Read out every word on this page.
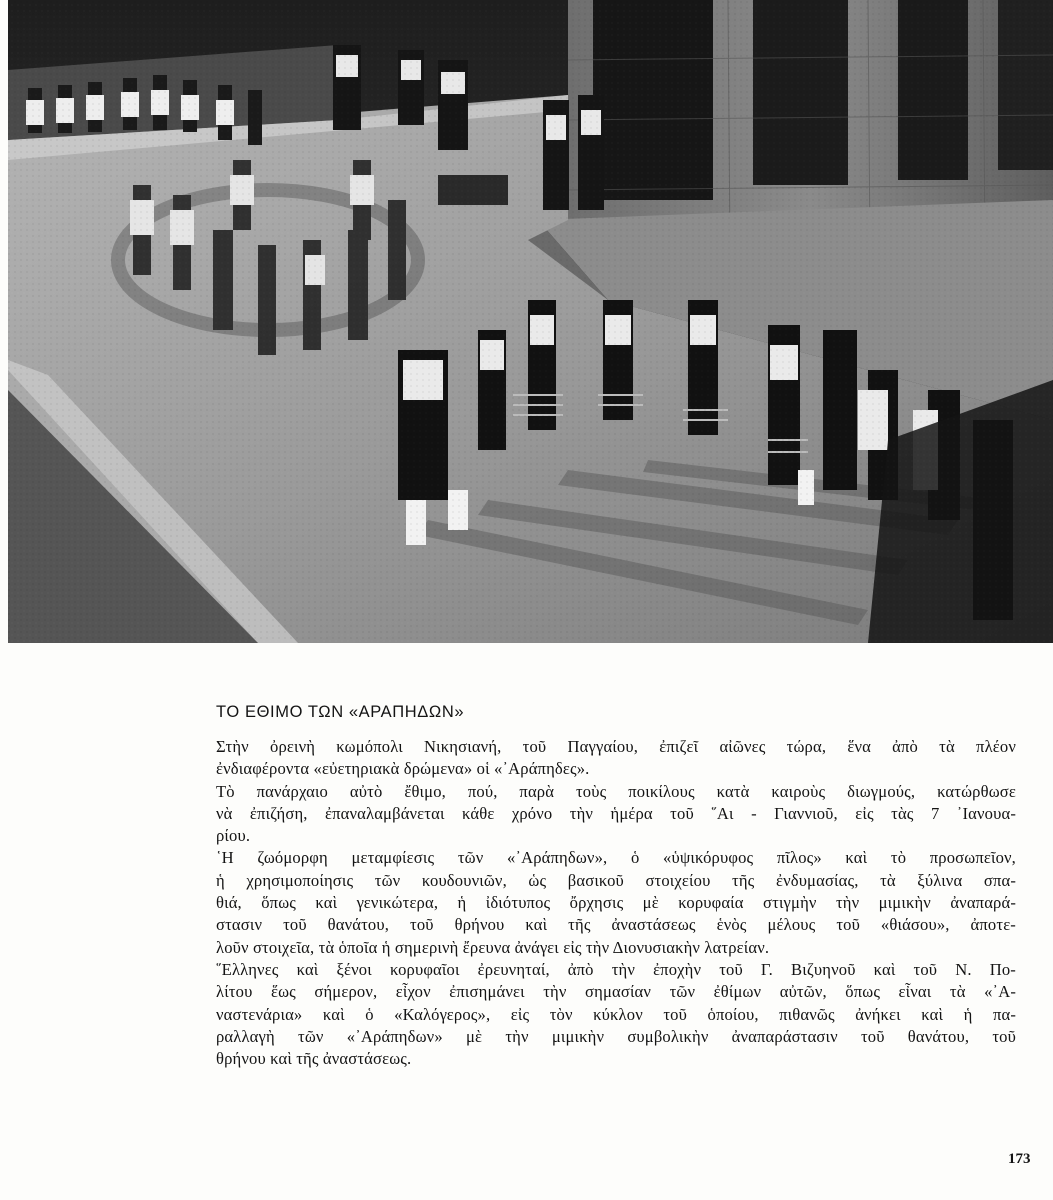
ΤΟ ΕΘΙΜΟ ΤΩΝ «ΑΡΑΠΗΔΩΝ»

Στὴν ὀρεινὴ κωμόπολι Νικησιανή, τοῦ Παγγαίου, ἐπιζεῖ αἰῶνες τώρα, ἕνα ἀπὸ τὰ πλέον
ἐνδιαφέροντα «εὐετηριακὰ δρώμενα» οἱ «᾿Αράπηδες».

Τὸ πανάρχαιο αὐτὸ ἔθιμο, πού, παρὰ τοὺς ποικίλους κατὰ καιροὺς διωγμούς, κατώρθωσε
νὰ ἐπιζήση, ἐπαναλαμβάνεται κάθε χρόνο τὴν ἡμέρα τοῦ ῞Αι - Γιαννιοῦ, εἰς τὰς 7 ᾿Ιανουα-
ρίου.

῾Η ζωόμορφη μεταμφίεσις τῶν «᾿Αράπηδων», ὁ «ὑψικόρυφος πῖλος» καὶ τὸ προσωπεῖον,
ἡ χρησιμοποίησις τῶν κουδουνιῶν, ὡς βασικοῦ στοιχείου τῆς ἐνδυμασίας, τὰ ξύλινα σπα-
θιά, ὅπως καὶ γενικώτερα, ἡ ἰδιότυπος ὄρχησις μὲ κορυφαία στιγμὴν τὴν μιμικὴν ἀναπαρά-
στασιν τοῦ θανάτου, τοῦ θρήνου καὶ τῆς ἀναστάσεως ἑνὸς μέλους τοῦ «θιάσου», ἀποτε-
λοῦν στοιχεῖα, τὰ ὁποῖα ἡ σημερινὴ ἔρευνα ἀνάγει εἰς τὴν Διονυσιακὴν λατρείαν.

῞Ελληνες καὶ ξένοι κορυφαῖοι ἐρευνηταί, ἀπὸ τὴν ἐποχὴν τοῦ Γ. Βιζυηνοῦ καὶ τοῦ Ν. Πο-
λίτου ἕως σήμερον, εἶχον ἐπισημάνει τὴν σημασίαν τῶν ἐθίμων αὐτῶν, ὅπως εἶναι τὰ «᾿Α-
ναστενάρια» καὶ ὁ «Καλόγερος», εἰς τὸν κύκλον τοῦ ὁποίου, πιθανῶς ἀνήκει καὶ ἡ πα-
ραλλαγὴ τῶν «᾿Αράπηδων» μὲ τὴν μιμικὴν συμβολικὴν ἀναπαράστασιν τοῦ θανάτου, τοῦ
θρήνου καὶ τῆς ἀναστάσεως.

173
